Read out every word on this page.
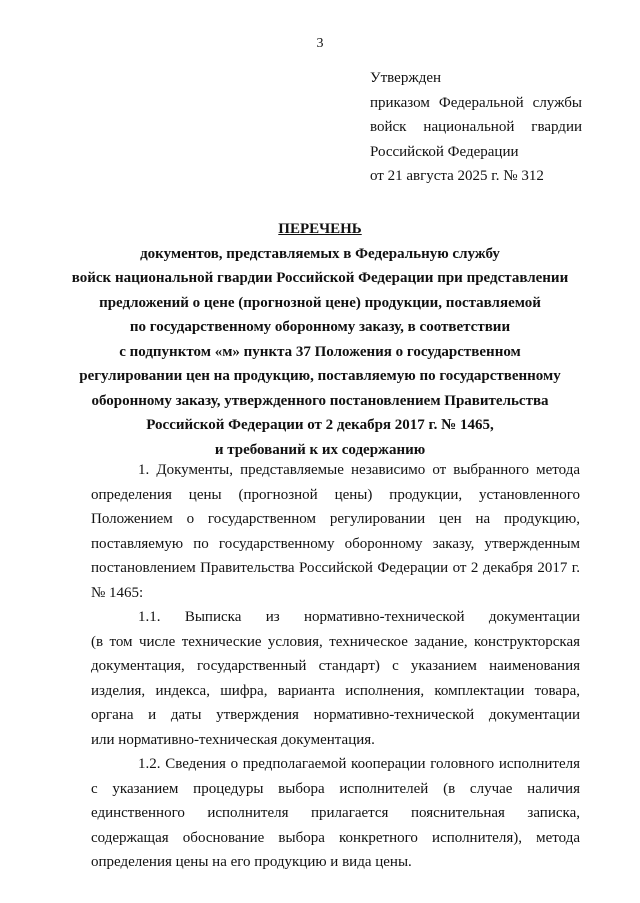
3
Утвержден
приказом Федеральной службы
войск национальной гвардии
Российской Федерации
от 21 августа 2025 г. № 312
ПЕРЕЧЕНЬ
документов, представляемых в Федеральную службу
войск национальной гвардии Российской Федерации при представлении
предложений о цене (прогнозной цене) продукции, поставляемой
по государственному оборонному заказу, в соответствии
с подпунктом «м» пункта 37 Положения о государственном
регулировании цен на продукцию, поставляемую по государственному
оборонному заказу, утвержденного постановлением Правительства
Российской Федерации от 2 декабря 2017 г. № 1465,
и требований к их содержанию
1. Документы, представляемые независимо от выбранного метода
определения цены (прогнозной цены) продукции, установленного
Положением о государственном регулировании цен на продукцию,
поставляемую по государственному оборонному заказу, утвержденным
постановлением Правительства Российской Федерации от 2 декабря 2017 г.
№ 1465:
1.1. Выписка из нормативно-технической документации
(в том числе технические условия, техническое задание, конструкторская
документация, государственный стандарт) с указанием наименования
изделия, индекса, шифра, варианта исполнения, комплектации товара,
органа и даты утверждения нормативно-технической документации
или нормативно-техническая документация.
1.2. Сведения о предполагаемой кооперации головного исполнителя
с указанием процедуры выбора исполнителей (в случае наличия
единственного исполнителя прилагается пояснительная записка,
содержащая обоснование выбора конкретного исполнителя), метода
определения цены на его продукцию и вида цены.
